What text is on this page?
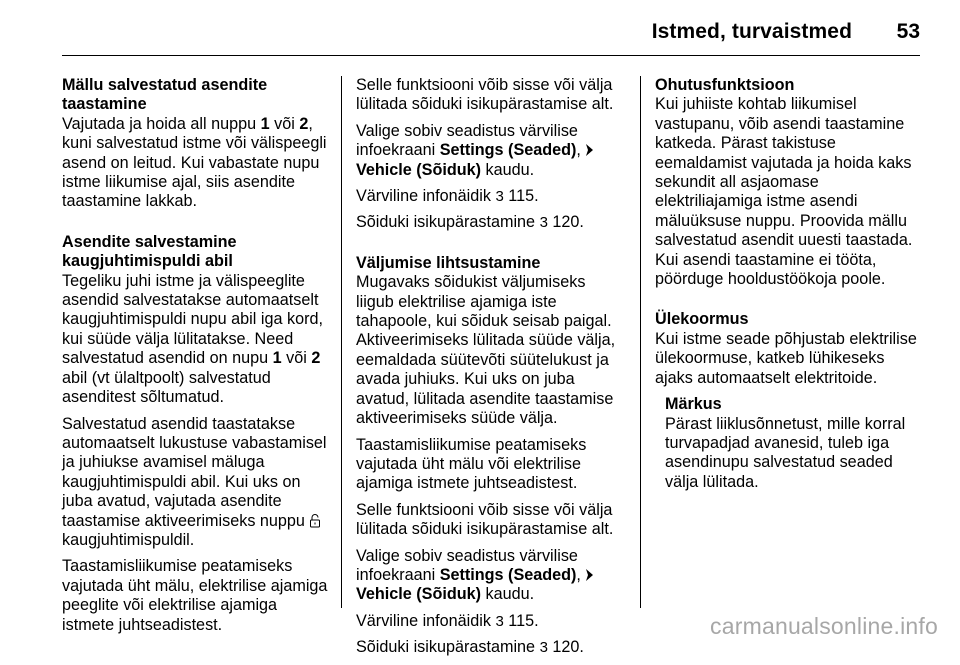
Istmed, turvaistmed 53

Mällu salvestatud asendite taastamine

Vajutada ja hoida all nuppu 1 või 2, kuni salvestatud istme või välispeegli asend on leitud. Kui vabastate nupu istme liikumise ajal, siis asendite taastamine lakkab.

Asendite salvestamine kaugjuhtimispuldi abil

Tegeliku juhi istme ja välispeeglite asendid salvestatakse automaatselt kaugjuhtimispuldi nupu abil iga kord, kui süüde välja lülitatakse. Need salvestatud asendid on nupu 1 või 2 abil (vt ülaltpoolt) salvestatud asenditest sõltumatud.

Salvestatud asendid taastatakse automaatselt lukustuse vabastamisel ja juhiukse avamisel mäluga kaugjuhtimispuldi abil. Kui uks on juba avatud, vajutada asendite taastamise aktiveerimiseks nuppu  kaugjuhtimispuldil.

Taastamisliikumise peatamiseks vajutada üht mälu, elektrilise ajamiga peeglite või elektrilise ajamiga istmete juhtseadistest.

Selle funktsiooni võib sisse või välja lülitada sõiduki isikupärastamise alt.

Valige sobiv seadistus värvilise infoekraani Settings (Seaded),
Vehicle (Sõiduk) kaudu.

Värviline infonäidik 3 115.

Sõiduki isikupärastamine 3 120.

Väljumise lihtsustamine

Mugavaks sõidukist väljumiseks liigub elektrilise ajamiga iste tahapoole, kui sõiduk seisab paigal. Aktiveerimiseks lülitada süüde välja, eemaldada süütevõti süütelukust ja avada juhiuks. Kui uks on juba avatud, lülitada asendite taastamise aktiveerimiseks süüde välja.

Taastamisliikumise peatamiseks vajutada üht mälu või elektrilise ajamiga istmete juhtseadistest.

Selle funktsiooni võib sisse või välja lülitada sõiduki isikupärastamise alt.

Valige sobiv seadistus värvilise infoekraani Settings (Seaded),
Vehicle (Sõiduk) kaudu.

Värviline infonäidik 3 115.

Sõiduki isikupärastamine 3 120.

Ohutusfunktsioon

Kui juhiiste kohtab liikumisel vastupanu, võib asendi taastamine katkeda. Pärast takistuse eemaldamist vajutada ja hoida kaks sekundit all asjaomase elektriliajamiga istme asendi mäluüksuse nuppu. Proovida mällu salvestatud asendit uuesti taastada. Kui asendi taastamine ei tööta, pöörduge hooldustöökoja poole.

Ülekoormus

Kui istme seade põhjustab elektrilise ülekoormuse, katkeb lühikeseks ajaks automaatselt elektritoide.

Märkus

Pärast liiklusõnnetust, mille korral turvapadjad avanesid, tuleb iga asendinupu salvestatud seaded välja lülitada.

carmanualsonline.info
